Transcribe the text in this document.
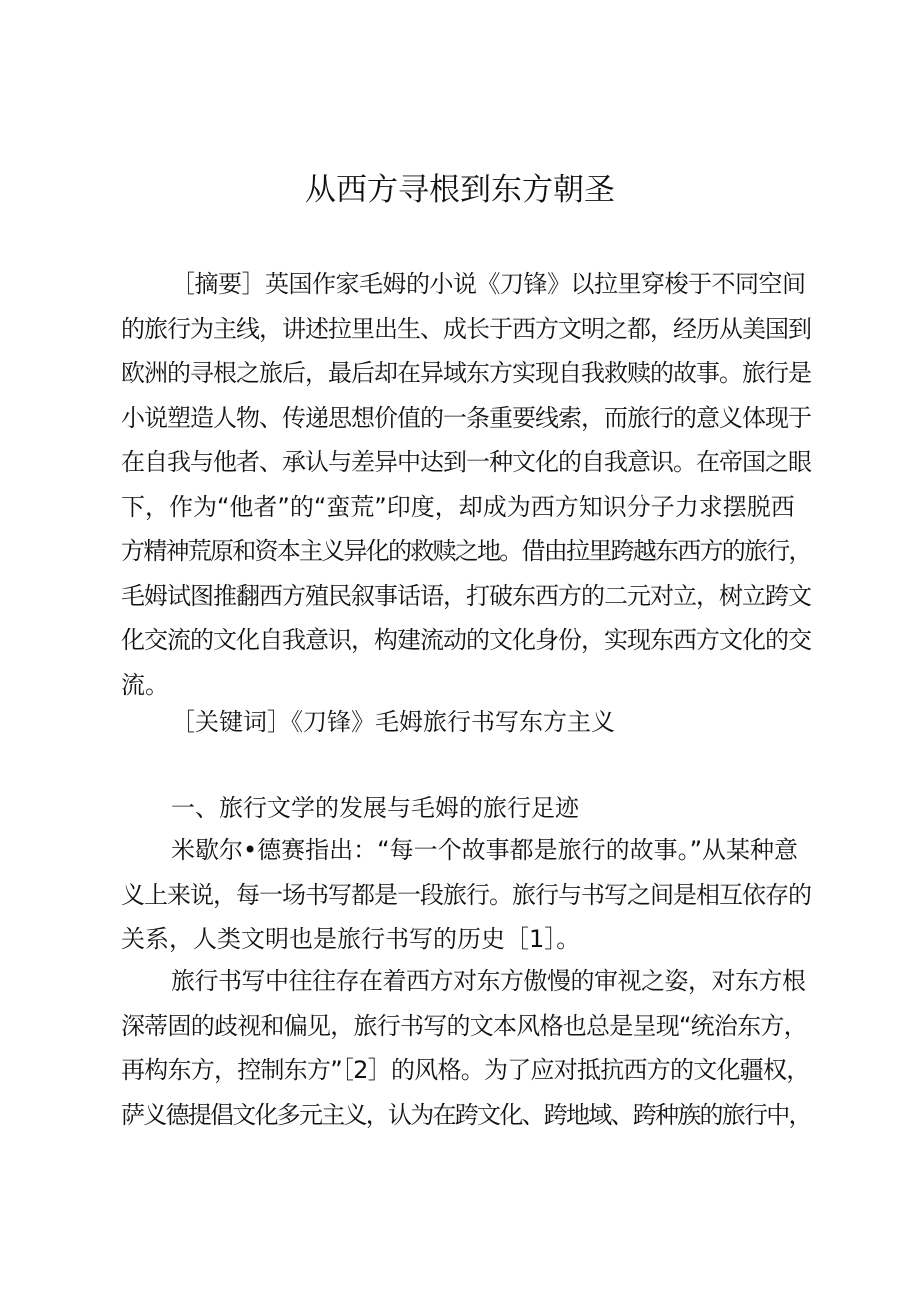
从西方寻根到东方朝圣
［摘要］英国作家毛姆的小说《刀锋》以拉里穿梭于不同空间
的旅行为主线，讲述拉里出生、成长于西方文明之都，经历从美国到
欧洲的寻根之旅后，最后却在异域东方实现自我救赎的故事。旅行是
小说塑造人物、传递思想价值的一条重要线索，而旅行的意义体现于
在自我与他者、承认与差异中达到一种文化的自我意识。在帝国之眼
下，作为“他者”的“蛮荒”印度，却成为西方知识分子力求摆脱西
方精神荒原和资本主义异化的救赎之地。借由拉里跨越东西方的旅行，
毛姆试图推翻西方殖民叙事话语，打破东西方的二元对立，树立跨文
化交流的文化自我意识，构建流动的文化身份，实现东西方文化的交
流。

［关键词］《刀锋》毛姆旅行书写东方主义

一、旅行文学的发展与毛姆的旅行足迹

米歇尔•德赛指出：“每一个故事都是旅行的故事。”从某种意
义上来说，每一场书写都是一段旅行。旅行与书写之间是相互依存的
关系，人类文明也是旅行书写的历史［1］。
旅行书写中往往存在着西方对东方傲慢的审视之姿，对东方根
深蒂固的歧视和偏见，旅行书写的文本风格也总是呈现“统治东方，
再构东方，控制东方”［2］的风格。为了应对抵抗西方的文化疆权，
萨义德提倡文化多元主义，认为在跨文化、跨地域、跨种族的旅行中，
